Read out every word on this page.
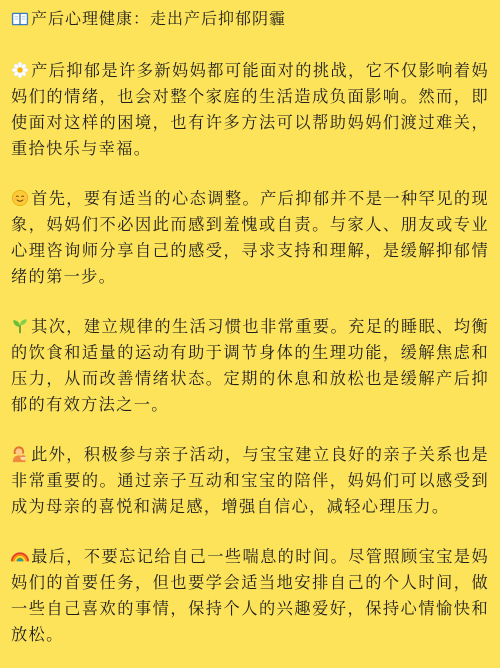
产后心理健康：走出产后抑郁阴霾

产后抑郁是许多新妈妈都可能面对的挑战，它不仅影响着妈妈们的情绪，也会对整个家庭的生活造成负面影响。然而，即使面对这样的困境，也有许多方法可以帮助妈妈们渡过难关，重拾快乐与幸福。

首先，要有适当的心态调整。产后抑郁并不是一种罕见的现象，妈妈们不必因此而感到羞愧或自责。与家人、朋友或专业心理咨询师分享自己的感受，寻求支持和理解，是缓解抑郁情绪的第一步。

其次，建立规律的生活习惯也非常重要。充足的睡眠、均衡的饮食和适量的运动有助于调节身体的生理功能，缓解焦虑和压力，从而改善情绪状态。定期的休息和放松也是缓解产后抑郁的有效方法之一。

此外，积极参与亲子活动，与宝宝建立良好的亲子关系也是非常重要的。通过亲子互动和宝宝的陪伴，妈妈们可以感受到成为母亲的喜悦和满足感，增强自信心，减轻心理压力。

最后，不要忘记给自己一些喘息的时间。尽管照顾宝宝是妈妈们的首要任务，但也要学会适当地安排自己的个人时间，做一些自己喜欢的事情，保持个人的兴趣爱好，保持心情愉快和放松。
